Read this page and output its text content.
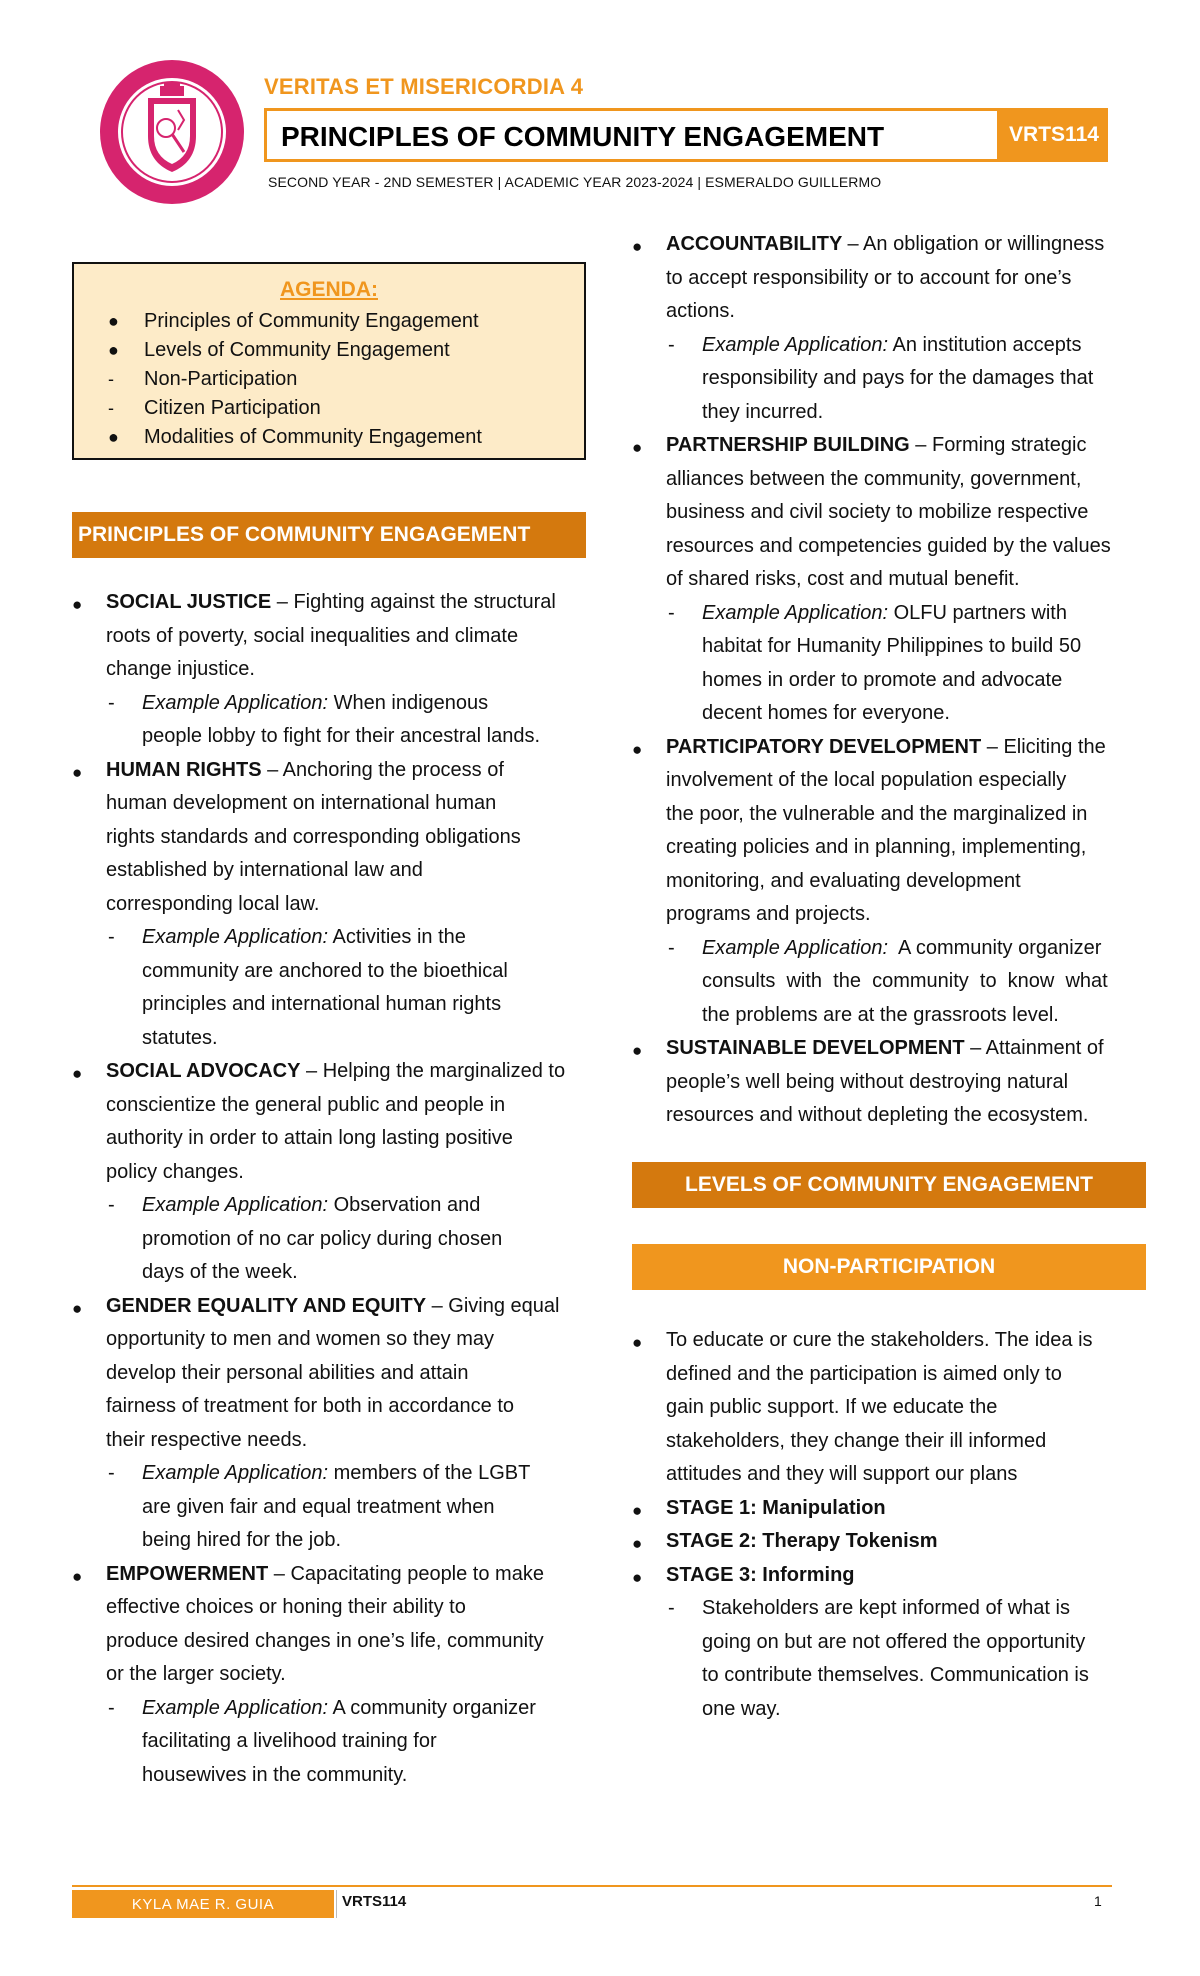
VERITAS ET MISERICORDIA 4
PRINCIPLES OF COMMUNITY ENGAGEMENT	VRTS114
SECOND YEAR - 2ND SEMESTER | ACADEMIC YEAR 2023-2024 | ESMERALDO GUILLERMO
AGENDA:
● Principles of Community Engagement
● Levels of Community Engagement
- Non-Participation
- Citizen Participation
● Modalities of Community Engagement
PRINCIPLES OF COMMUNITY ENGAGEMENT
● SOCIAL JUSTICE – Fighting against the structural
roots of poverty, social inequalities and climate
change injustice.
- Example Application: When indigenous
people lobby to fight for their ancestral lands.
● HUMAN RIGHTS – Anchoring the process of
human development on international human
rights standards and corresponding obligations
established by international law and
corresponding local law.
- Example Application: Activities in the
community are anchored to the bioethical
principles and international human rights
statutes.
● SOCIAL ADVOCACY – Helping the marginalized to
conscientize the general public and people in
authority in order to attain long lasting positive
policy changes.
- Example Application: Observation and
promotion of no car policy during chosen
days of the week.
● GENDER EQUALITY AND EQUITY – Giving equal
opportunity to men and women so they may
develop their personal abilities and attain
fairness of treatment for both in accordance to
their respective needs.
- Example Application: members of the LGBT
are given fair and equal treatment when
being hired for the job.
● EMPOWERMENT – Capacitating people to make
effective choices or honing their ability to
produce desired changes in one’s life, community
or the larger society.
- Example Application: A community organizer
facilitating a livelihood training for
housewives in the community.
● ACCOUNTABILITY – An obligation or willingness
to accept responsibility or to account for one’s
actions.
- Example Application: An institution accepts
responsibility and pays for the damages that
they incurred.
● PARTNERSHIP BUILDING – Forming strategic
alliances between the community, government,
business and civil society to mobilize respective
resources and competencies guided by the values
of shared risks, cost and mutual benefit.
- Example Application: OLFU partners with
habitat for Humanity Philippines to build 50
homes in order to promote and advocate
decent homes for everyone.
● PARTICIPATORY DEVELOPMENT – Eliciting the
involvement of the local population especially
the poor, the vulnerable and the marginalized in
creating policies and in planning, implementing,
monitoring, and evaluating development
programs and projects.
- Example Application:  A community organizer
consults  with  the  community  to  know  what
the problems are at the grassroots level.
● SUSTAINABLE DEVELOPMENT – Attainment of
people’s well being without destroying natural
resources and without depleting the ecosystem.
LEVELS OF COMMUNITY ENGAGEMENT
NON-PARTICIPATION
● To educate or cure the stakeholders. The idea is
defined and the participation is aimed only to
gain public support. If we educate the
stakeholders, they change their ill informed
attitudes and they will support our plans
● STAGE 1: Manipulation
● STAGE 2: Therapy Tokenism
● STAGE 3: Informing
- Stakeholders are kept informed of what is
going on but are not offered the opportunity
to contribute themselves. Communication is
one way.
KYLA MAE R. GUIA	VRTS114	1
